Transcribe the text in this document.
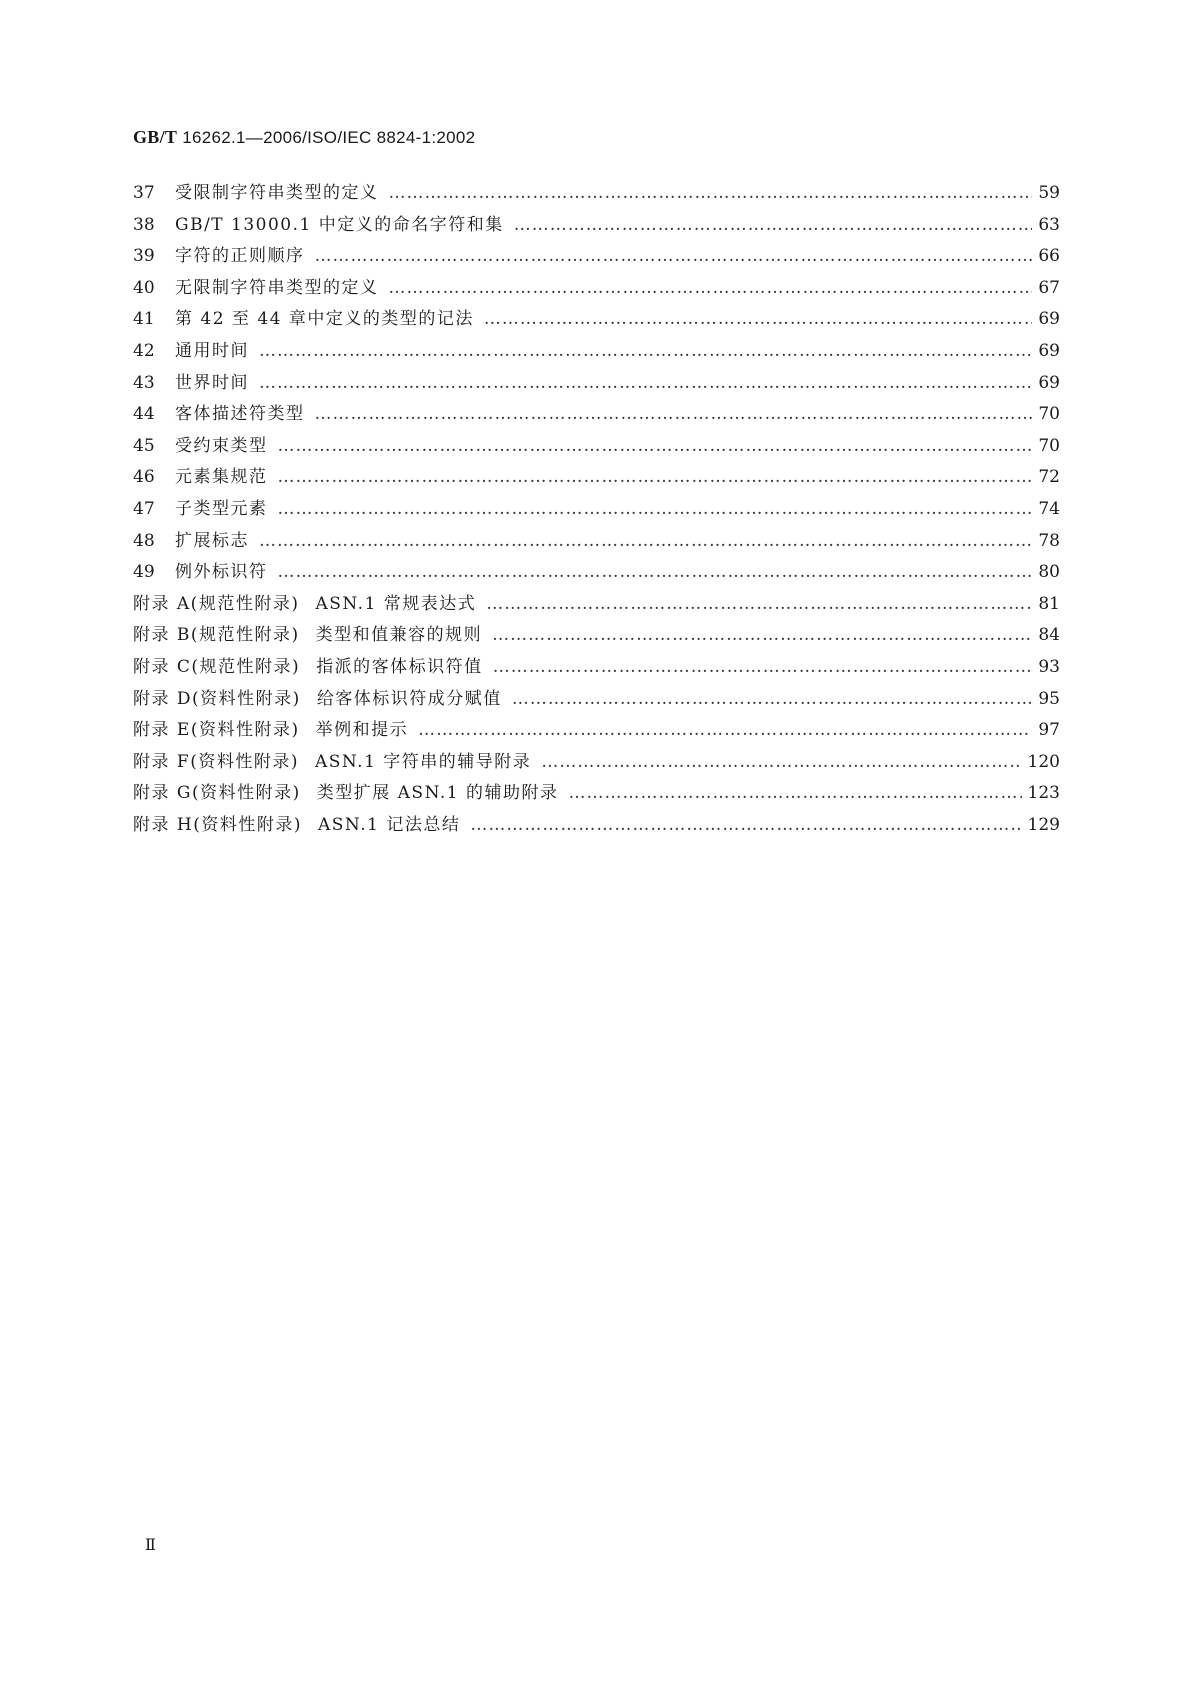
GB/T 16262.1—2006/ISO/IEC 8824-1:2002
37	受限制字符串类型的定义 …………………………………………………………………………………………………………………………………………………………………………………………	59
38	GB/T 13000.1 中定义的命名字符和集 …………………………………………………………………………………………………………………………………………………………………………………………	63
39	字符的正则顺序 …………………………………………………………………………………………………………………………………………………………………………………………	66
40	无限制字符串类型的定义 …………………………………………………………………………………………………………………………………………………………………………………………	67
41	第 42 至 44 章中定义的类型的记法 …………………………………………………………………………………………………………………………………………………………………………………………	69
42	通用时间 …………………………………………………………………………………………………………………………………………………………………………………………	69
43	世界时间 …………………………………………………………………………………………………………………………………………………………………………………………	69
44	客体描述符类型 …………………………………………………………………………………………………………………………………………………………………………………………	70
45	受约束类型 …………………………………………………………………………………………………………………………………………………………………………………………	70
46	元素集规范 …………………………………………………………………………………………………………………………………………………………………………………………	72
47	子类型元素 …………………………………………………………………………………………………………………………………………………………………………………………	74
48	扩展标志 …………………………………………………………………………………………………………………………………………………………………………………………	78
49	例外标识符 …………………………………………………………………………………………………………………………………………………………………………………………	80
附录 A(规范性附录) ASN.1 常规表达式 …………………………………………………………………………………………………………………………………………………………………………………………	81
附录 B(规范性附录) 类型和值兼容的规则 …………………………………………………………………………………………………………………………………………………………………………………………	84
附录 C(规范性附录) 指派的客体标识符值 …………………………………………………………………………………………………………………………………………………………………………………………	93
附录 D(资料性附录) 给客体标识符成分赋值 …………………………………………………………………………………………………………………………………………………………………………………………	95
附录 E(资料性附录) 举例和提示 …………………………………………………………………………………………………………………………………………………………………………………………	97
附录 F(资料性附录) ASN.1 字符串的辅导附录 …………………………………………………………………………………………………………………………………………………………………………………………	120
附录 G(资料性附录) 类型扩展 ASN.1 的辅助附录 …………………………………………………………………………………………………………………………………………………………………………………………	123
附录 H(资料性附录) ASN.1 记法总结 …………………………………………………………………………………………………………………………………………………………………………………………	129
Ⅱ
